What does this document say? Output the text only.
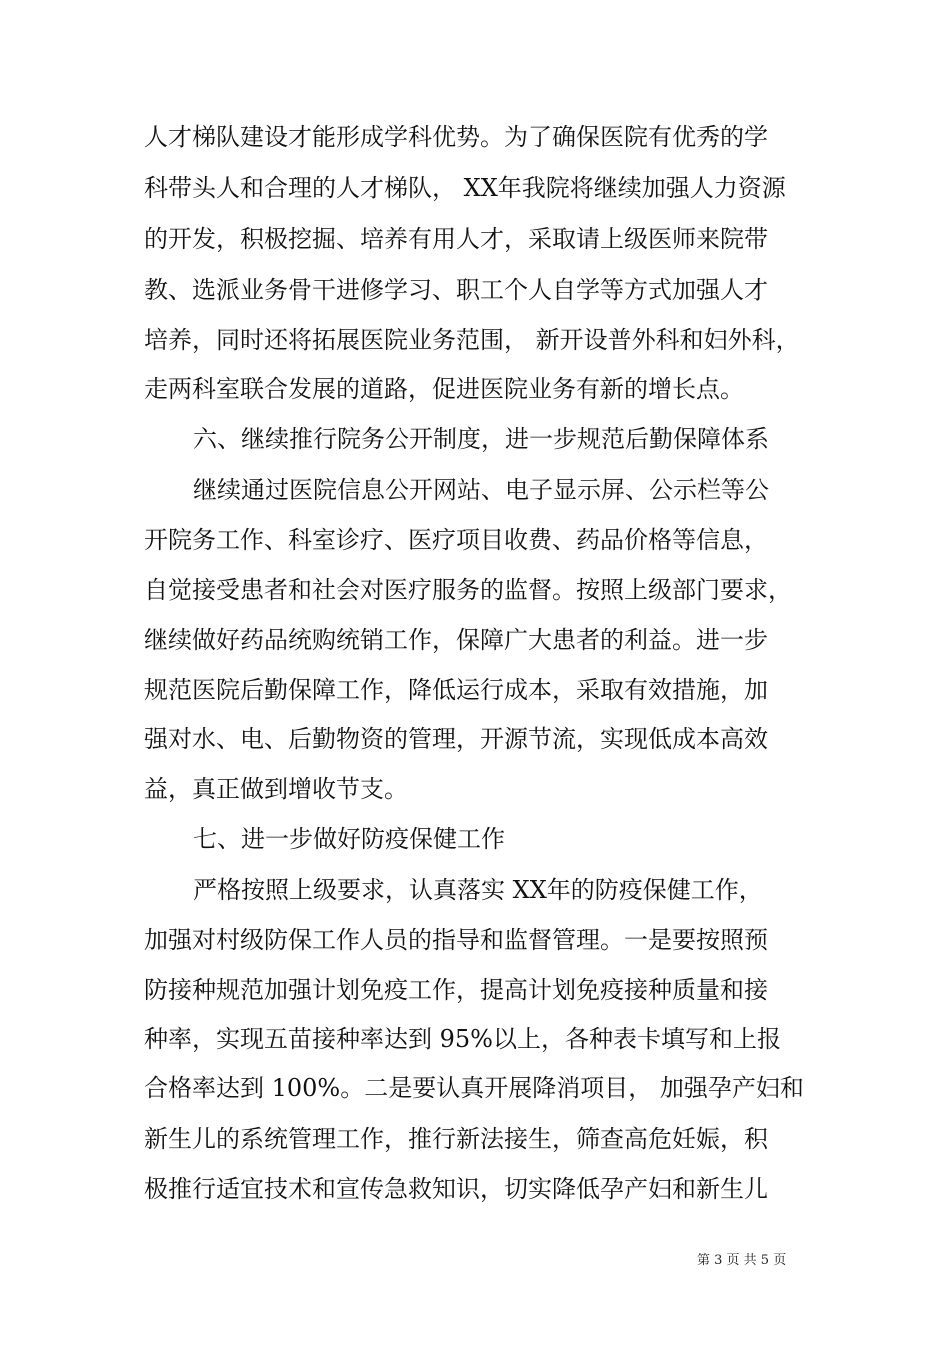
人才梯队建设才能形成学科优势。为了确保医院有优秀的学
科带头人和合理的人才梯队， XX年我院将继续加强人力资源
的开发，积极挖掘、培养有用人才，采取请上级医师来院带
教、选派业务骨干进修学习、职工个人自学等方式加强人才
培养，同时还将拓展医院业务范围， 新开设普外科和妇外科，
走两科室联合发展的道路，促进医院业务有新的增长点。
六、继续推行院务公开制度，进一步规范后勤保障体系
继续通过医院信息公开网站、电子显示屏、公示栏等公
开院务工作、科室诊疗、医疗项目收费、药品价格等信息，
自觉接受患者和社会对医疗服务的监督。按照上级部门要求，
继续做好药品统购统销工作，保障广大患者的利益。进一步
规范医院后勤保障工作，降低运行成本，采取有效措施，加
强对水、电、后勤物资的管理，开源节流，实现低成本高效
益，真正做到增收节支。
七、进一步做好防疫保健工作
严格按照上级要求，认真落实 XX年的防疫保健工作，
加强对村级防保工作人员的指导和监督管理。一是要按照预
防接种规范加强计划免疫工作，提高计划免疫接种质量和接
种率，实现五苗接种率达到 95%以上，各种表卡填写和上报
合格率达到 100%。二是要认真开展降消项目， 加强孕产妇和
新生儿的系统管理工作，推行新法接生，筛查高危妊娠，积
极推行适宜技术和宣传急救知识，切实降低孕产妇和新生儿
第 3 页 共 5 页
